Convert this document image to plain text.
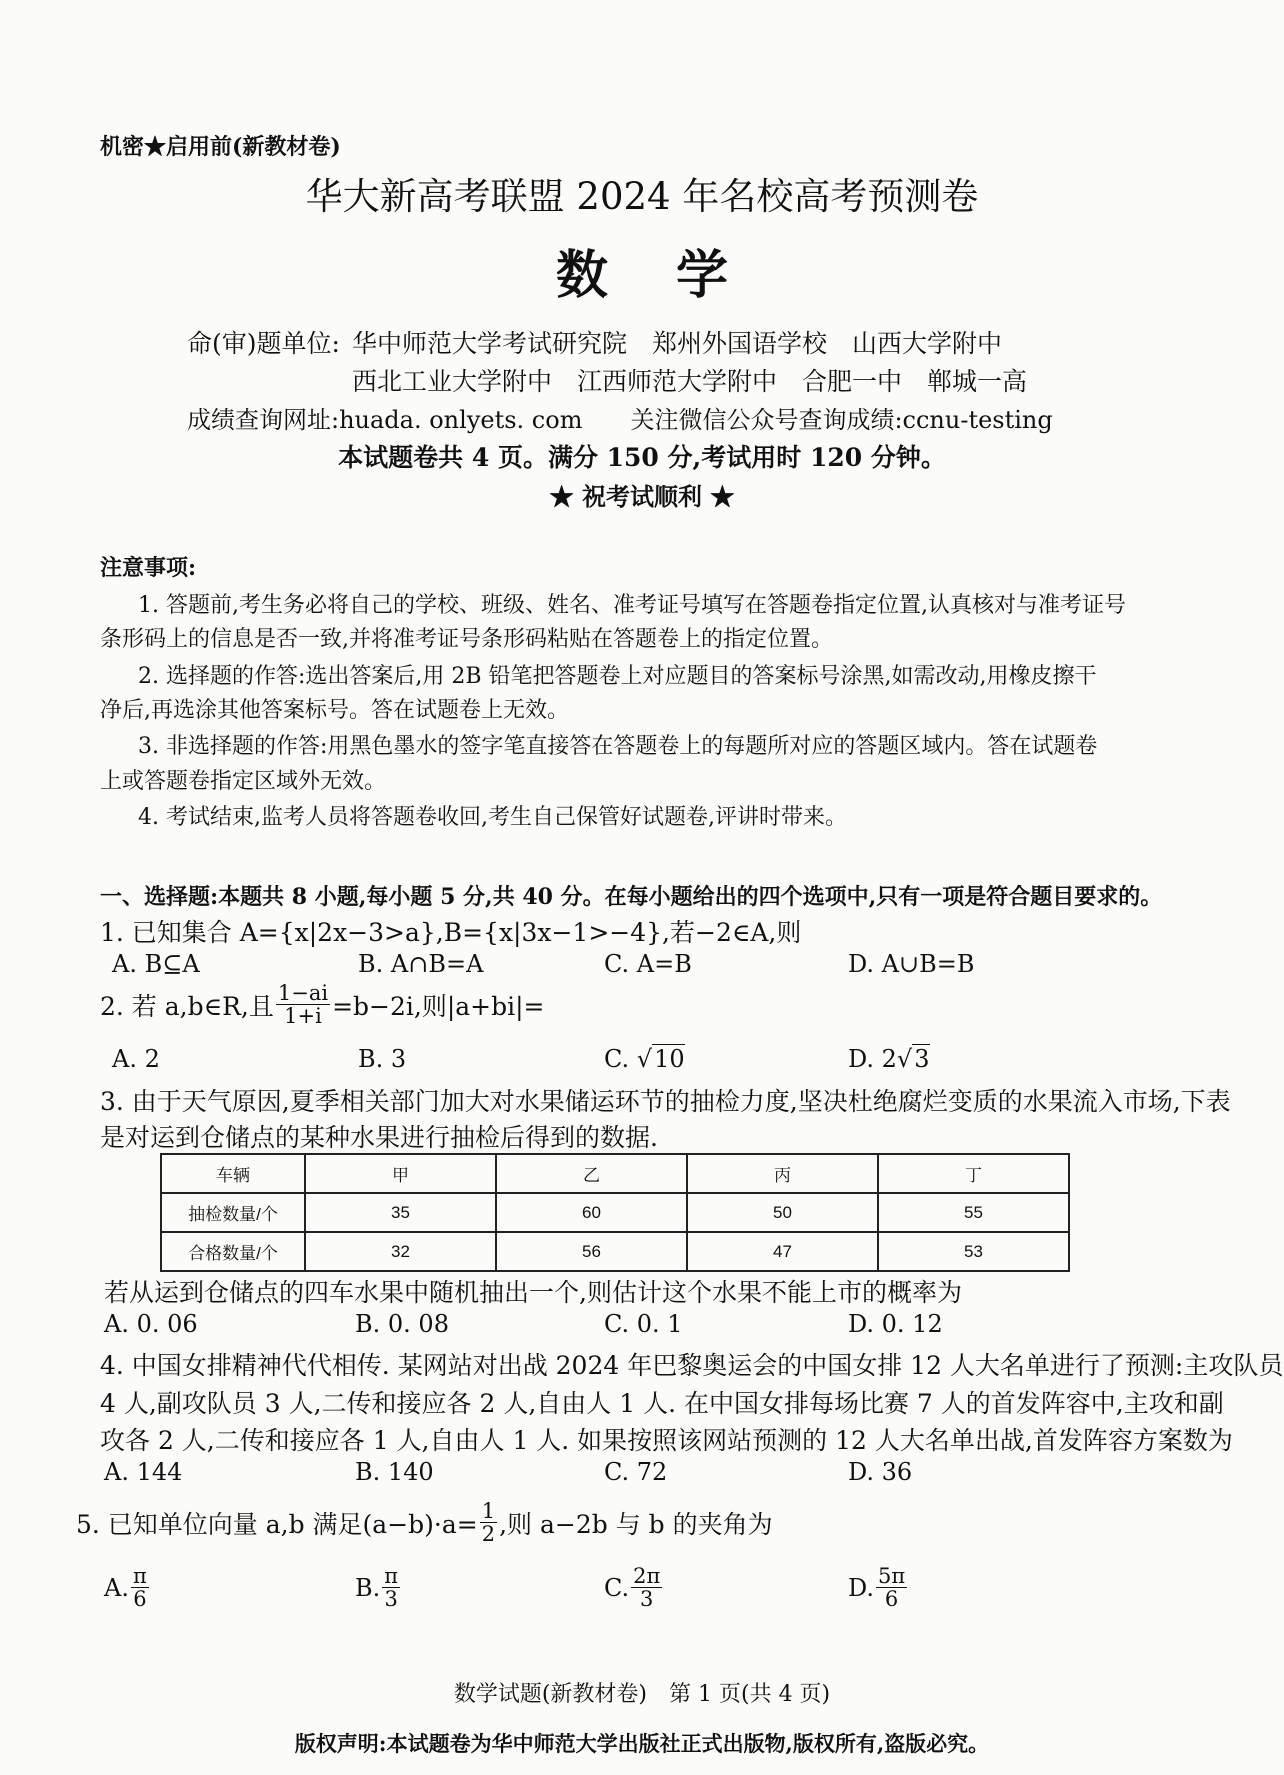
机密★启用前(新教材卷)
华大新高考联盟 2024 年名校高考预测卷
数学
命(审)题单位: 华中师范大学考试研究院　郑州外国语学校　山西大学附中
西北工业大学附中　江西师范大学附中　合肥一中　郸城一高
成绩查询网址:huada. onlyets. com　　关注微信公众号查询成绩:ccnu-testing
本试题卷共 4 页。满分 150 分,考试用时 120 分钟。
★ 祝考试顺利 ★
注意事项:
1. 答题前,考生务必将自己的学校、班级、姓名、准考证号填写在答题卷指定位置,认真核对与准考证号
条形码上的信息是否一致,并将准考证号条形码粘贴在答题卷上的指定位置。
2. 选择题的作答:选出答案后,用 2B 铅笔把答题卷上对应题目的答案标号涂黑,如需改动,用橡皮擦干
净后,再选涂其他答案标号。答在试题卷上无效。
3. 非选择题的作答:用黑色墨水的签字笔直接答在答题卷上的每题所对应的答题区域内。答在试题卷
上或答题卷指定区域外无效。
4. 考试结束,监考人员将答题卷收回,考生自己保管好试题卷,评讲时带来。
一、选择题:本题共 8 小题,每小题 5 分,共 40 分。在每小题给出的四个选项中,只有一项是符合题目要求的。
1. 已知集合 A={x|2x−3>a},B={x|3x−1>−4},若−2∈A,则
A. B⊆A	B. A∩B=A	C. A=B	D. A∪B=B
2. 若 a,b∈R,且 $\frac{1-ai}{1+i} =b-2i$,则|a+bi|=
A. 2	B. 3	C. √10	D. 2√3
3. 由于天气原因,夏季相关部门加大对水果储运环节的抽检力度,坚决杜绝腐烂变质的水果流入市场,下表
是对运到仓储点的某种水果进行抽检后得到的数据.
车辆	甲	乙	丙	丁
抽检数量/个	35	60	50	55
合格数量/个	32	56	47	53
若从运到仓储点的四车水果中随机抽出一个,则估计这个水果不能上市的概率为
A. 0. 06	B. 0. 08	C. 0. 1	D. 0. 12
4. 中国女排精神代代相传. 某网站对出战 2024 年巴黎奥运会的中国女排 12 人大名单进行了预测:主攻队员
4 人,副攻队员 3 人,二传和接应各 2 人,自由人 1 人. 在中国女排每场比赛 7 人的首发阵容中,主攻和副
攻各 2 人,二传和接应各 1 人,自由人 1 人. 如果按照该网站预测的 12 人大名单出战,首发阵容方案数为
A. 144	B. 140	C. 72	D. 36
5. 已知单位向量 a,b 满足$(a-b)\cdot a= \frac{1}{2}$ ,则 a−2b 与 b 的夹角为
A. $\frac{\pi}{6}$	B. $\frac{\pi}{3}$	C. $\frac{2\pi}{3}$	D. $\frac{5\pi}{6}$
数学试题(新教材卷)　第 1 页(共 4 页)
版权声明:本试题卷为华中师范大学出版社正式出版物,版权所有,盗版必究。
